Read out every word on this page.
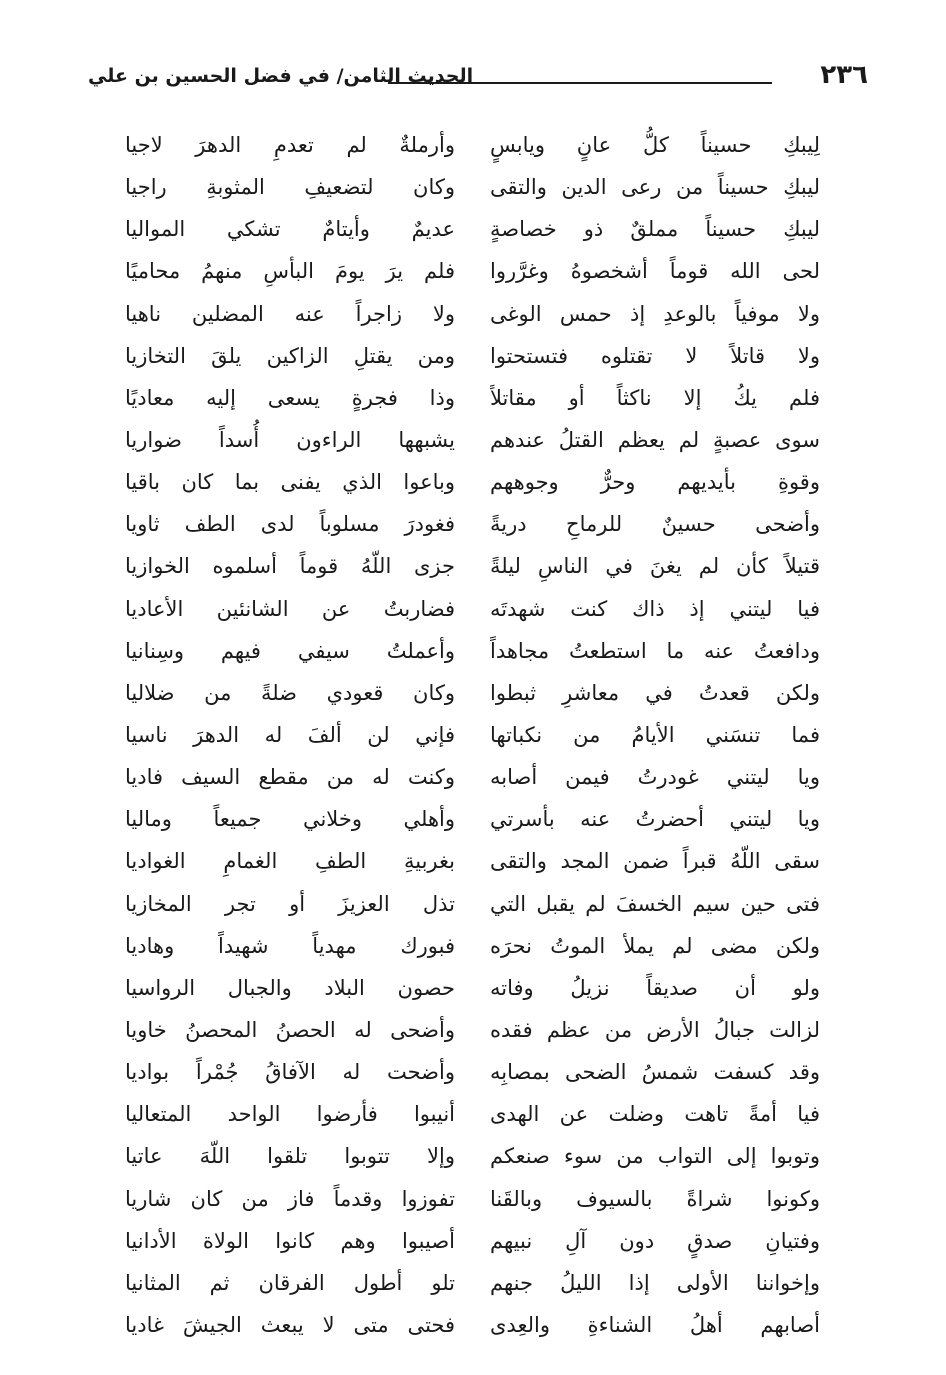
٢٣٦
الحديث الثامن/ في فضل الحسين بن علي
لِيبكِ حسيناً كلُّ عانٍ ويابسٍ
ليبكِ حسيناً من رعى الدين والتقى
ليبكِ حسيناً مملقٌ ذو خصاصةٍ
لحى الله قوماً أشخصوهُ وغرَّروا
ولا موفياً بالوعدِ إذ حمس الوغى
ولا قاتلاً لا تقتلوه فتستحتوا
فلم يكُ إلا ناكثاً أو مقاتلاً
سوى عصبةٍ لم يعظم القتلُ عندهم
وقوةِ بأيديهم وحرٌّ وجوههم
وأضحى حسينٌ للرماحِ دريةً
قتيلاً كأن لم يغنَ في الناسِ ليلةً
فيا ليتني إذ ذاك كنت شهدتَه
ودافعتُ عنه ما استطعتُ مجاهداً
ولكن قعدتُ في معاشرِ ثبطوا
فما تنسَني الأيامُ من نكباتها
ويا ليتني غودرتُ فيمن أصابه
ويا ليتني أحضرتُ عنه بأسرتي
سقى اللّهُ قبراً ضمن المجد والتقى
فتى حين سيم الخسفَ لم يقبل التي
ولكن مضى لم يملأ الموتُ نحرَه
ولو أن صديقاً نزيلُ وفاته
لزالت جبالُ الأرض من عظم فقده
وقد كسفت شمسُ الضحى بمصابِه
فيا أمةً تاهت وضلت عن الهدى
وتوبوا إلى التواب من سوء صنعكم
وكونوا شراةً بالسيوف وبالقَنا
وفتيانِ صدقٍ دون آلِ نبيهم
وإخواننا الأولى إذا الليلُ جنهم
أصابهم أهلُ الشناءةِ والعِدى
وأرملةٌ لم تعدمِ الدهرَ لاجيا
وكان لتضعيفِ المثوبةِ راجيا
عديمٌ وأيتامٌ تشكي المواليا
فلم يرَ يومَ البأسِ منهمُ محاميًا
ولا زاجراً عنه المضلين ناهيا
ومن يقتلِ الزاكين يلقَ التخازيا
وذا فجرةٍ يسعى إليه معاديًا
يشبهها الراءون أُسداً ضواريا
وباعوا الذي يفنى بما كان باقيا
فغودرَ مسلوباً لدى الطف ثاويا
جزى اللّهُ قوماً أسلموه الخوازيا
فضاربتُ عن الشانئين الأعاديا
وأعملتُ سيفي فيهم وسِنانيا
وكان قعودي ضلةً من ضلاليا
فإني لن ألفَ له الدهرَ ناسيا
وكنت له من مقطع السيف فاديا
وأهلي وخلاني جميعاً وماليا
بغربيةِ الطفِ الغمامِ الغواديا
تذل العزيزَ أو تجر المخازيا
فبورك مهدياً شهيداً وهاديا
حصون البلاد والجبال الرواسيا
وأضحى له الحصنُ المحصنُ خاويا
وأضحت له الآفاقُ جُمْراً بواديا
أنيبوا فأرضوا الواحد المتعاليا
وإلا تتوبوا تلقوا اللّهَ عاتيا
تفوزوا وقدماً فاز من كان شاريا
أصيبوا وهم كانوا الولاة الأدانيا
تلو أطول الفرقان ثم المثانيا
فحتى متى لا يبعث الجيشَ غاديا
